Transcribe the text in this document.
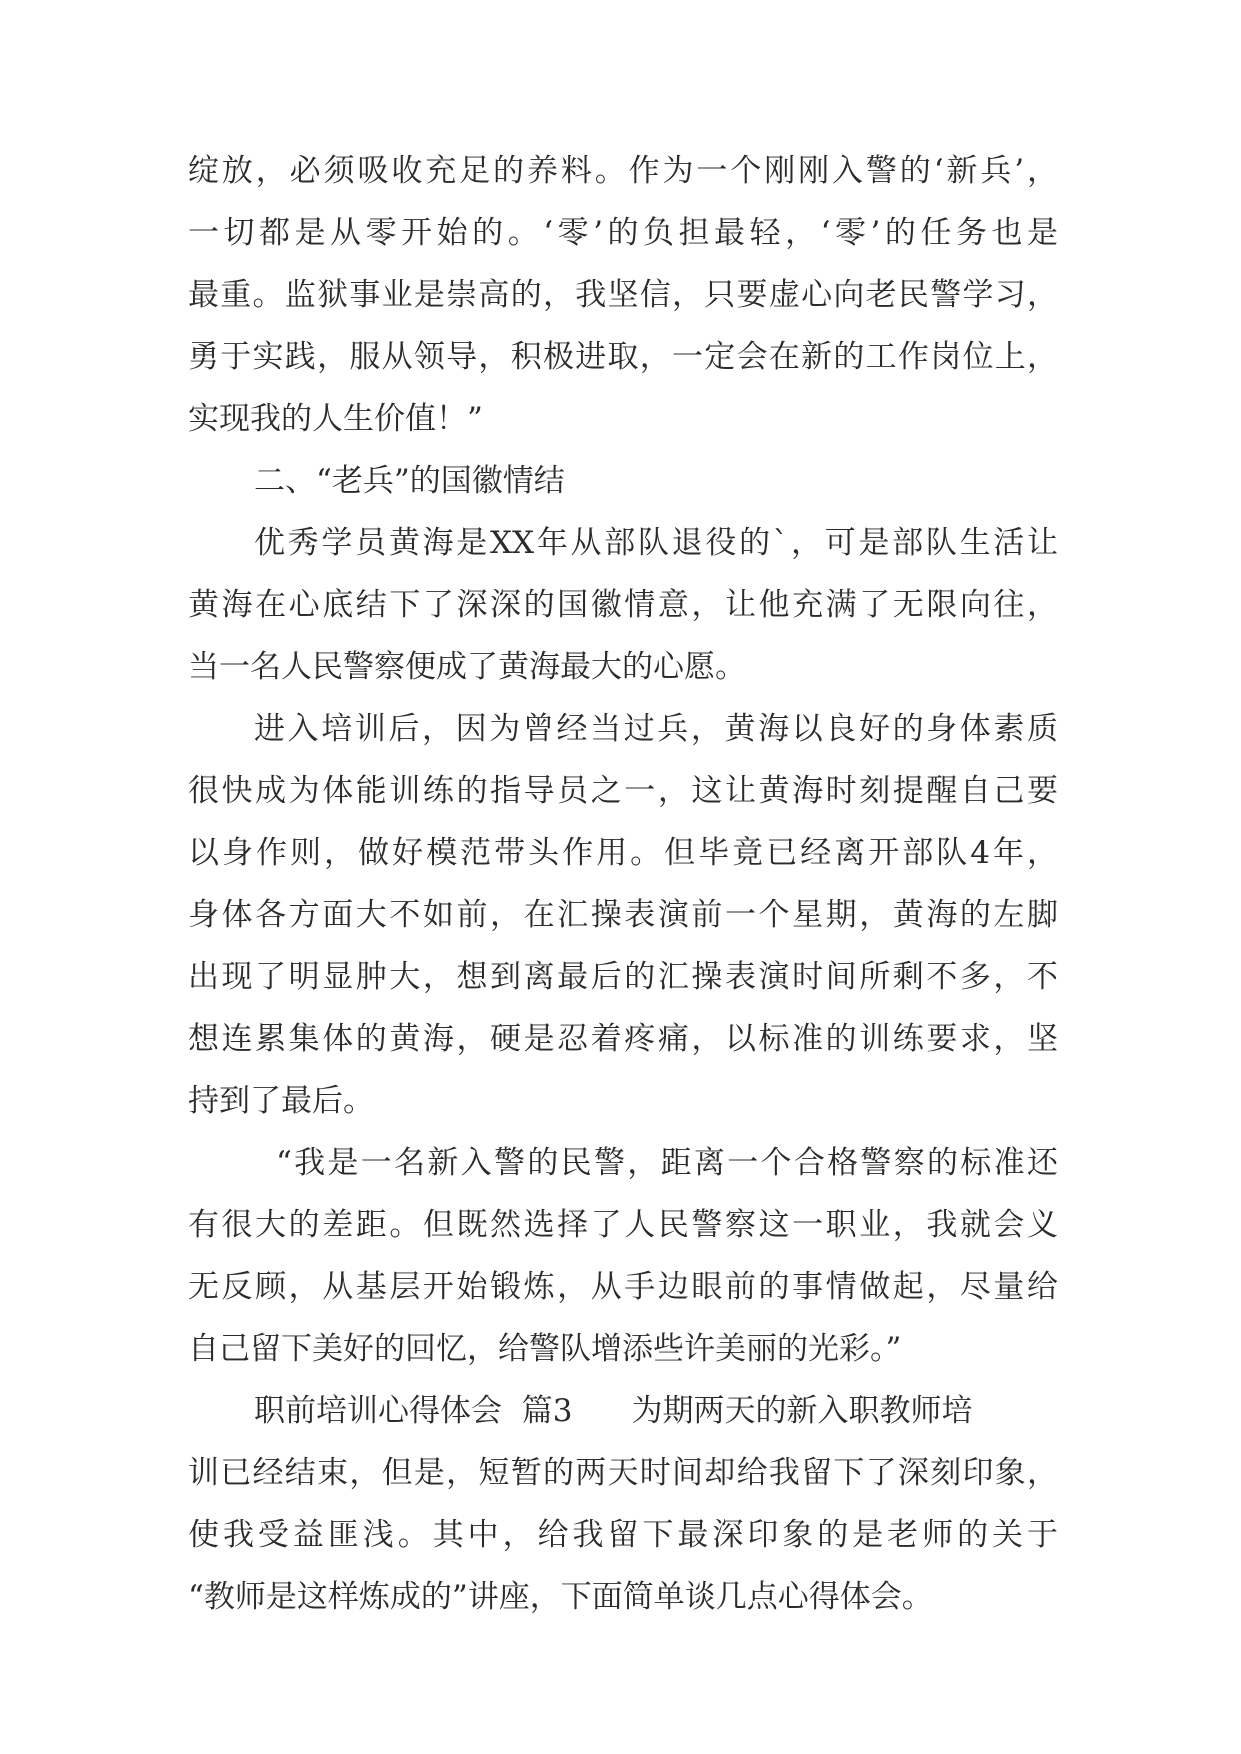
绽放，必须吸收充足的养料。作为一个刚刚入警的‘新兵’，
一切都是从零开始的。‘零’的负担最轻，‘零’的任务也是
最重。监狱事业是崇高的，我坚信，只要虚心向老民警学习，
勇于实践，服从领导，积极进取，一定会在新的工作岗位上，
实现我的人生价值！”
二、“老兵”的国徽情结
优秀学员黄海是XX年从部队退役的`，可是部队生活让
黄海在心底结下了深深的国徽情意，让他充满了无限向往，
当一名人民警察便成了黄海最大的心愿。
进入培训后，因为曾经当过兵，黄海以良好的身体素质
很快成为体能训练的指导员之一，这让黄海时刻提醒自己要
以身作则，做好模范带头作用。但毕竟已经离开部队4年，
身体各方面大不如前，在汇操表演前一个星期，黄海的左脚
出现了明显肿大，想到离最后的汇操表演时间所剩不多，不
想连累集体的黄海，硬是忍着疼痛，以标准的训练要求，坚
持到了最后。
“我是一名新入警的民警，距离一个合格警察的标准还
有很大的差距。但既然选择了人民警察这一职业，我就会义
无反顾，从基层开始锻炼，从手边眼前的事情做起，尽量给
自己留下美好的回忆，给警队增添些许美丽的光彩。”
职前培训心得体会  篇3      为期两天的新入职教师培
训已经结束，但是，短暂的两天时间却给我留下了深刻印象，
使我受益匪浅。其中，给我留下最深印象的是老师的关于
“教师是这样炼成的”讲座，下面简单谈几点心得体会。
